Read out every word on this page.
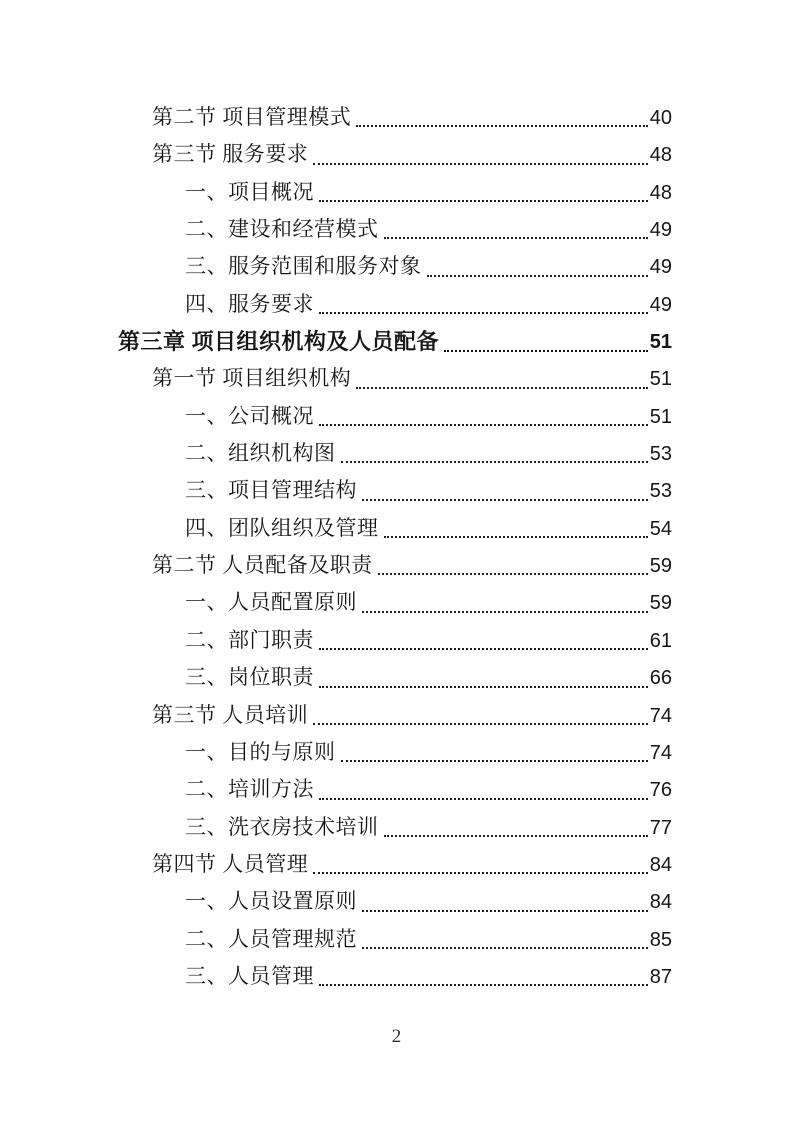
第二节 项目管理模式	40
第三节 服务要求	48
一、项目概况	48
二、建设和经营模式	49
三、服务范围和服务对象	49
四、服务要求	49
第三章 项目组织机构及人员配备	51
第一节 项目组织机构	51
一、公司概况	51
二、组织机构图	53
三、项目管理结构	53
四、团队组织及管理	54
第二节 人员配备及职责	59
一、人员配置原则	59
二、部门职责	61
三、岗位职责	66
第三节 人员培训	74
一、目的与原则	74
二、培训方法	76
三、洗衣房技术培训	77
第四节 人员管理	84
一、人员设置原则	84
二、人员管理规范	85
三、人员管理	87
2
